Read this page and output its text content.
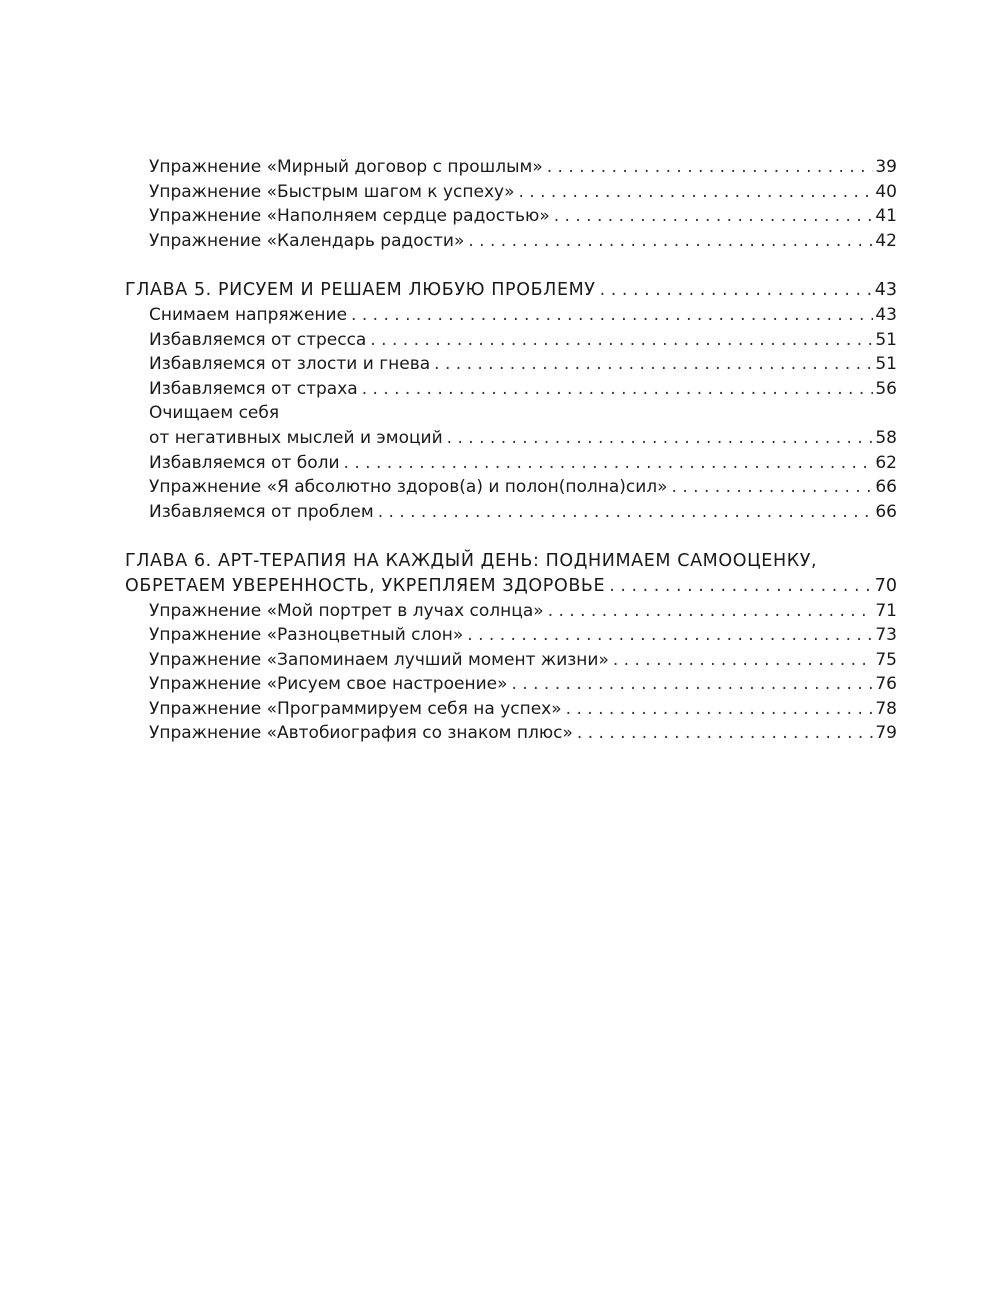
Упражнение «Мирный договор с прошлым» . . .	39
Упражнение «Быстрым шагом к успеху» . . .	40
Упражнение «Наполняем сердце радостью» . . .	41
Упражнение «Календарь радости» . . .	42
ГЛАВА 5. РИСУЕМ И РЕШАЕМ ЛЮБУЮ ПРОБЛЕМУ . . .	43
Снимаем напряжение . . .	43
Избавляемся от стресса . . .	51
Избавляемся от злости и гнева . . .	51
Избавляемся от страха . . .	56
Очищаем себя
от негативных мыслей и эмоций . . .	58
Избавляемся от боли . . .	62
Упражнение «Я абсолютно здоров(а) и полон(полна)сил» . . .	66
Избавляемся от проблем . . .	66
ГЛАВА 6. АРТ-ТЕРАПИЯ НА КАЖДЫЙ ДЕНЬ: ПОДНИМАЕМ САМООЦЕНКУ,
ОБРЕТАЕМ УВЕРЕННОСТЬ, УКРЕПЛЯЕМ ЗДОРОВЬЕ . . .	70
Упражнение «Мой портрет в лучах солнца» . . .	71
Упражнение «Разноцветный слон» . . .	73
Упражнение «Запоминаем лучший момент жизни» . . .	75
Упражнение «Рисуем свое настроение» . . .	76
Упражнение «Программируем себя на успех» . . .	78
Упражнение «Автобиография со знаком плюс» . . .	79
